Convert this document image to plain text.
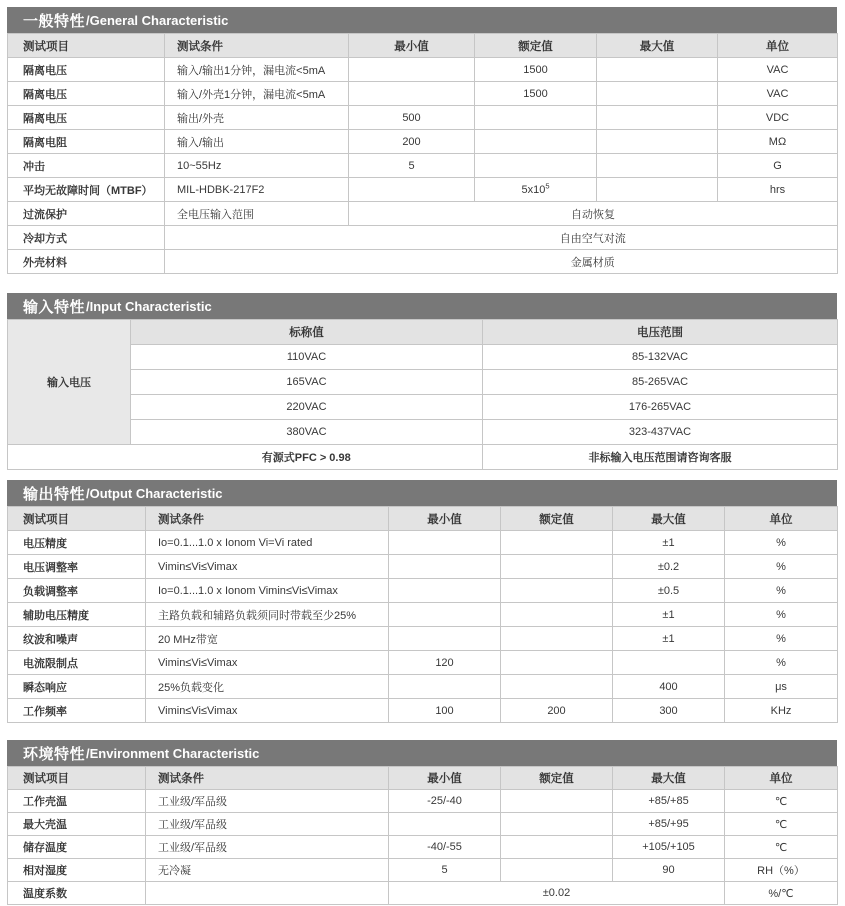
一般特性 /General Characteristic
测试项目	测试条件	最小值	额定值	最大值	单位
隔离电压	输入/输出1分钟，漏电流<5mA		1500		VAC
隔离电压	输入/外壳1分钟，漏电流<5mA		1500		VAC
隔离电压	输出/外壳	500			VDC
隔离电阻	输入/输出	200			MΩ
冲击	10~55Hz	5			G
平均无故障时间（MTBF）	MIL-HDBK-217F2		$5x10^5$		hrs
过流保护	全电压输入范围	自动恢复			
冷却方式		自由空气对流			
外壳材料		金属材质			
输入特性 /Input Characteristic
输入电压	标称值	电压范围
	110VAC	85-132VAC
	165VAC	85-265VAC
	220VAC	176-265VAC
	380VAC	323-437VAC
	有源式PFC > 0.98	非标输入电压范围请咨询客服
输出特性 /Output Characteristic
测试项目	测试条件	最小值	额定值	最大值	单位
电压精度	Io=0.1...1.0 x Ionom Vi=Vi rated			±1	%
电压调整率	Vimin≤Vi≤Vimax			±0.2	%
负载调整率	Io=0.1...1.0 x Ionom Vimin≤Vi≤Vimax			±0.5	%
辅助电压精度	主路负载和辅路负载须同时带载至少25%			±1	%
纹波和噪声	20 MHz带宽			±1	%
电流限制点	Vimin≤Vi≤Vimax	120			%
瞬态响应	25%负载变化			400	μs
工作频率	Vimin≤Vi≤Vimax	100	200	300	KHz
环境特性 /Environment Characteristic
测试项目	测试条件	最小值	额定值	最大值	单位
工作壳温	工业级/军品级	-25/-40		+85/+85	℃
最大壳温	工业级/军品级			+85/+95	℃
储存温度	工业级/军品级	-40/-55		+105/+105	℃
相对湿度	无冷凝	5		90	RH（%）
温度系数		±0.02			%/℃
